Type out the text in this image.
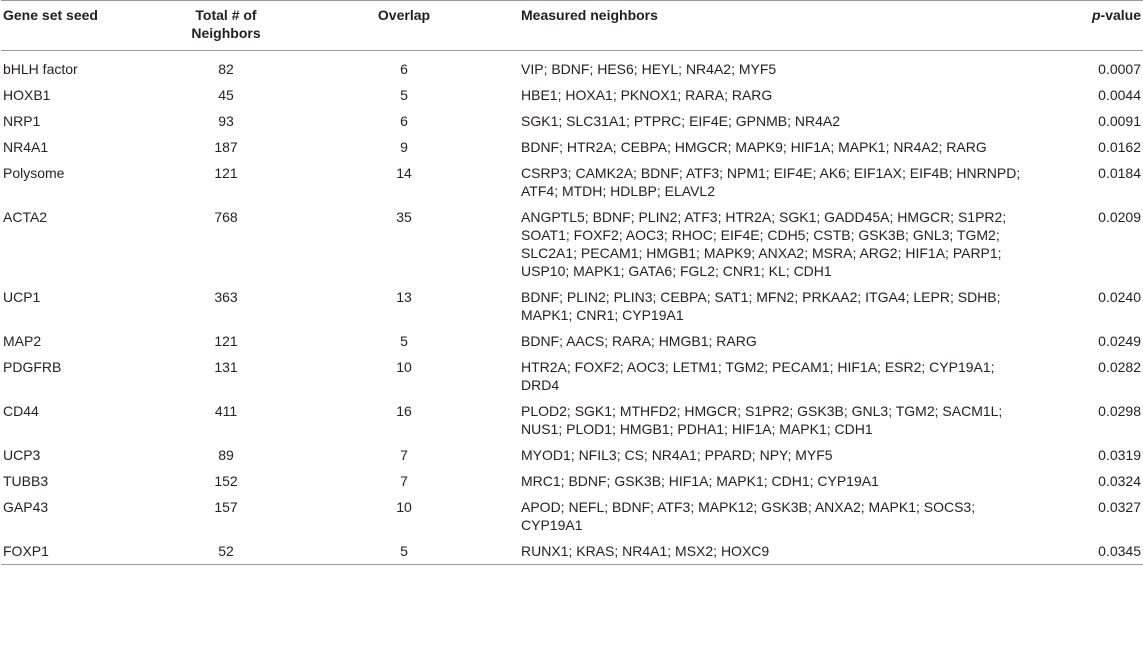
Gene set seed	Total # of Neighbors	Overlap	Measured neighbors	p-value
bHLH factor	82	6	VIP; BDNF; HES6; HEYL; NR4A2; MYF5	0.0007
HOXB1	45	5	HBE1; HOXA1; PKNOX1; RARA; RARG	0.0044
NRP1	93	6	SGK1; SLC31A1; PTPRC; EIF4E; GPNMB; NR4A2	0.0091
NR4A1	187	9	BDNF; HTR2A; CEBPA; HMGCR; MAPK9; HIF1A; MAPK1; NR4A2; RARG	0.0162
Polysome	121	14	CSRP3; CAMK2A; BDNF; ATF3; NPM1; EIF4E; AK6; EIF1AX; EIF4B; HNRNPD; ATF4; MTDH; HDLBP; ELAVL2	0.0184
ACTA2	768	35	ANGPTL5; BDNF; PLIN2; ATF3; HTR2A; SGK1; GADD45A; HMGCR; S1PR2; SOAT1; FOXF2; AOC3; RHOC; EIF4E; CDH5; CSTB; GSK3B; GNL3; TGM2; SLC2A1; PECAM1; HMGB1; MAPK9; ANXA2; MSRA; ARG2; HIF1A; PARP1; USP10; MAPK1; GATA6; FGL2; CNR1; KL; CDH1	0.0209
UCP1	363	13	BDNF; PLIN2; PLIN3; CEBPA; SAT1; MFN2; PRKAA2; ITGA4; LEPR; SDHB; MAPK1; CNR1; CYP19A1	0.0240
MAP2	121	5	BDNF; AACS; RARA; HMGB1; RARG	0.0249
PDGFRB	131	10	HTR2A; FOXF2; AOC3; LETM1; TGM2; PECAM1; HIF1A; ESR2; CYP19A1; DRD4	0.0282
CD44	411	16	PLOD2; SGK1; MTHFD2; HMGCR; S1PR2; GSK3B; GNL3; TGM2; SACM1L; NUS1; PLOD1; HMGB1; PDHA1; HIF1A; MAPK1; CDH1	0.0298
UCP3	89	7	MYOD1; NFIL3; CS; NR4A1; PPARD; NPY; MYF5	0.0319
TUBB3	152	7	MRC1; BDNF; GSK3B; HIF1A; MAPK1; CDH1; CYP19A1	0.0324
GAP43	157	10	APOD; NEFL; BDNF; ATF3; MAPK12; GSK3B; ANXA2; MAPK1; SOCS3; CYP19A1	0.0327
FOXP1	52	5	RUNX1; KRAS; NR4A1; MSX2; HOXC9	0.0345
